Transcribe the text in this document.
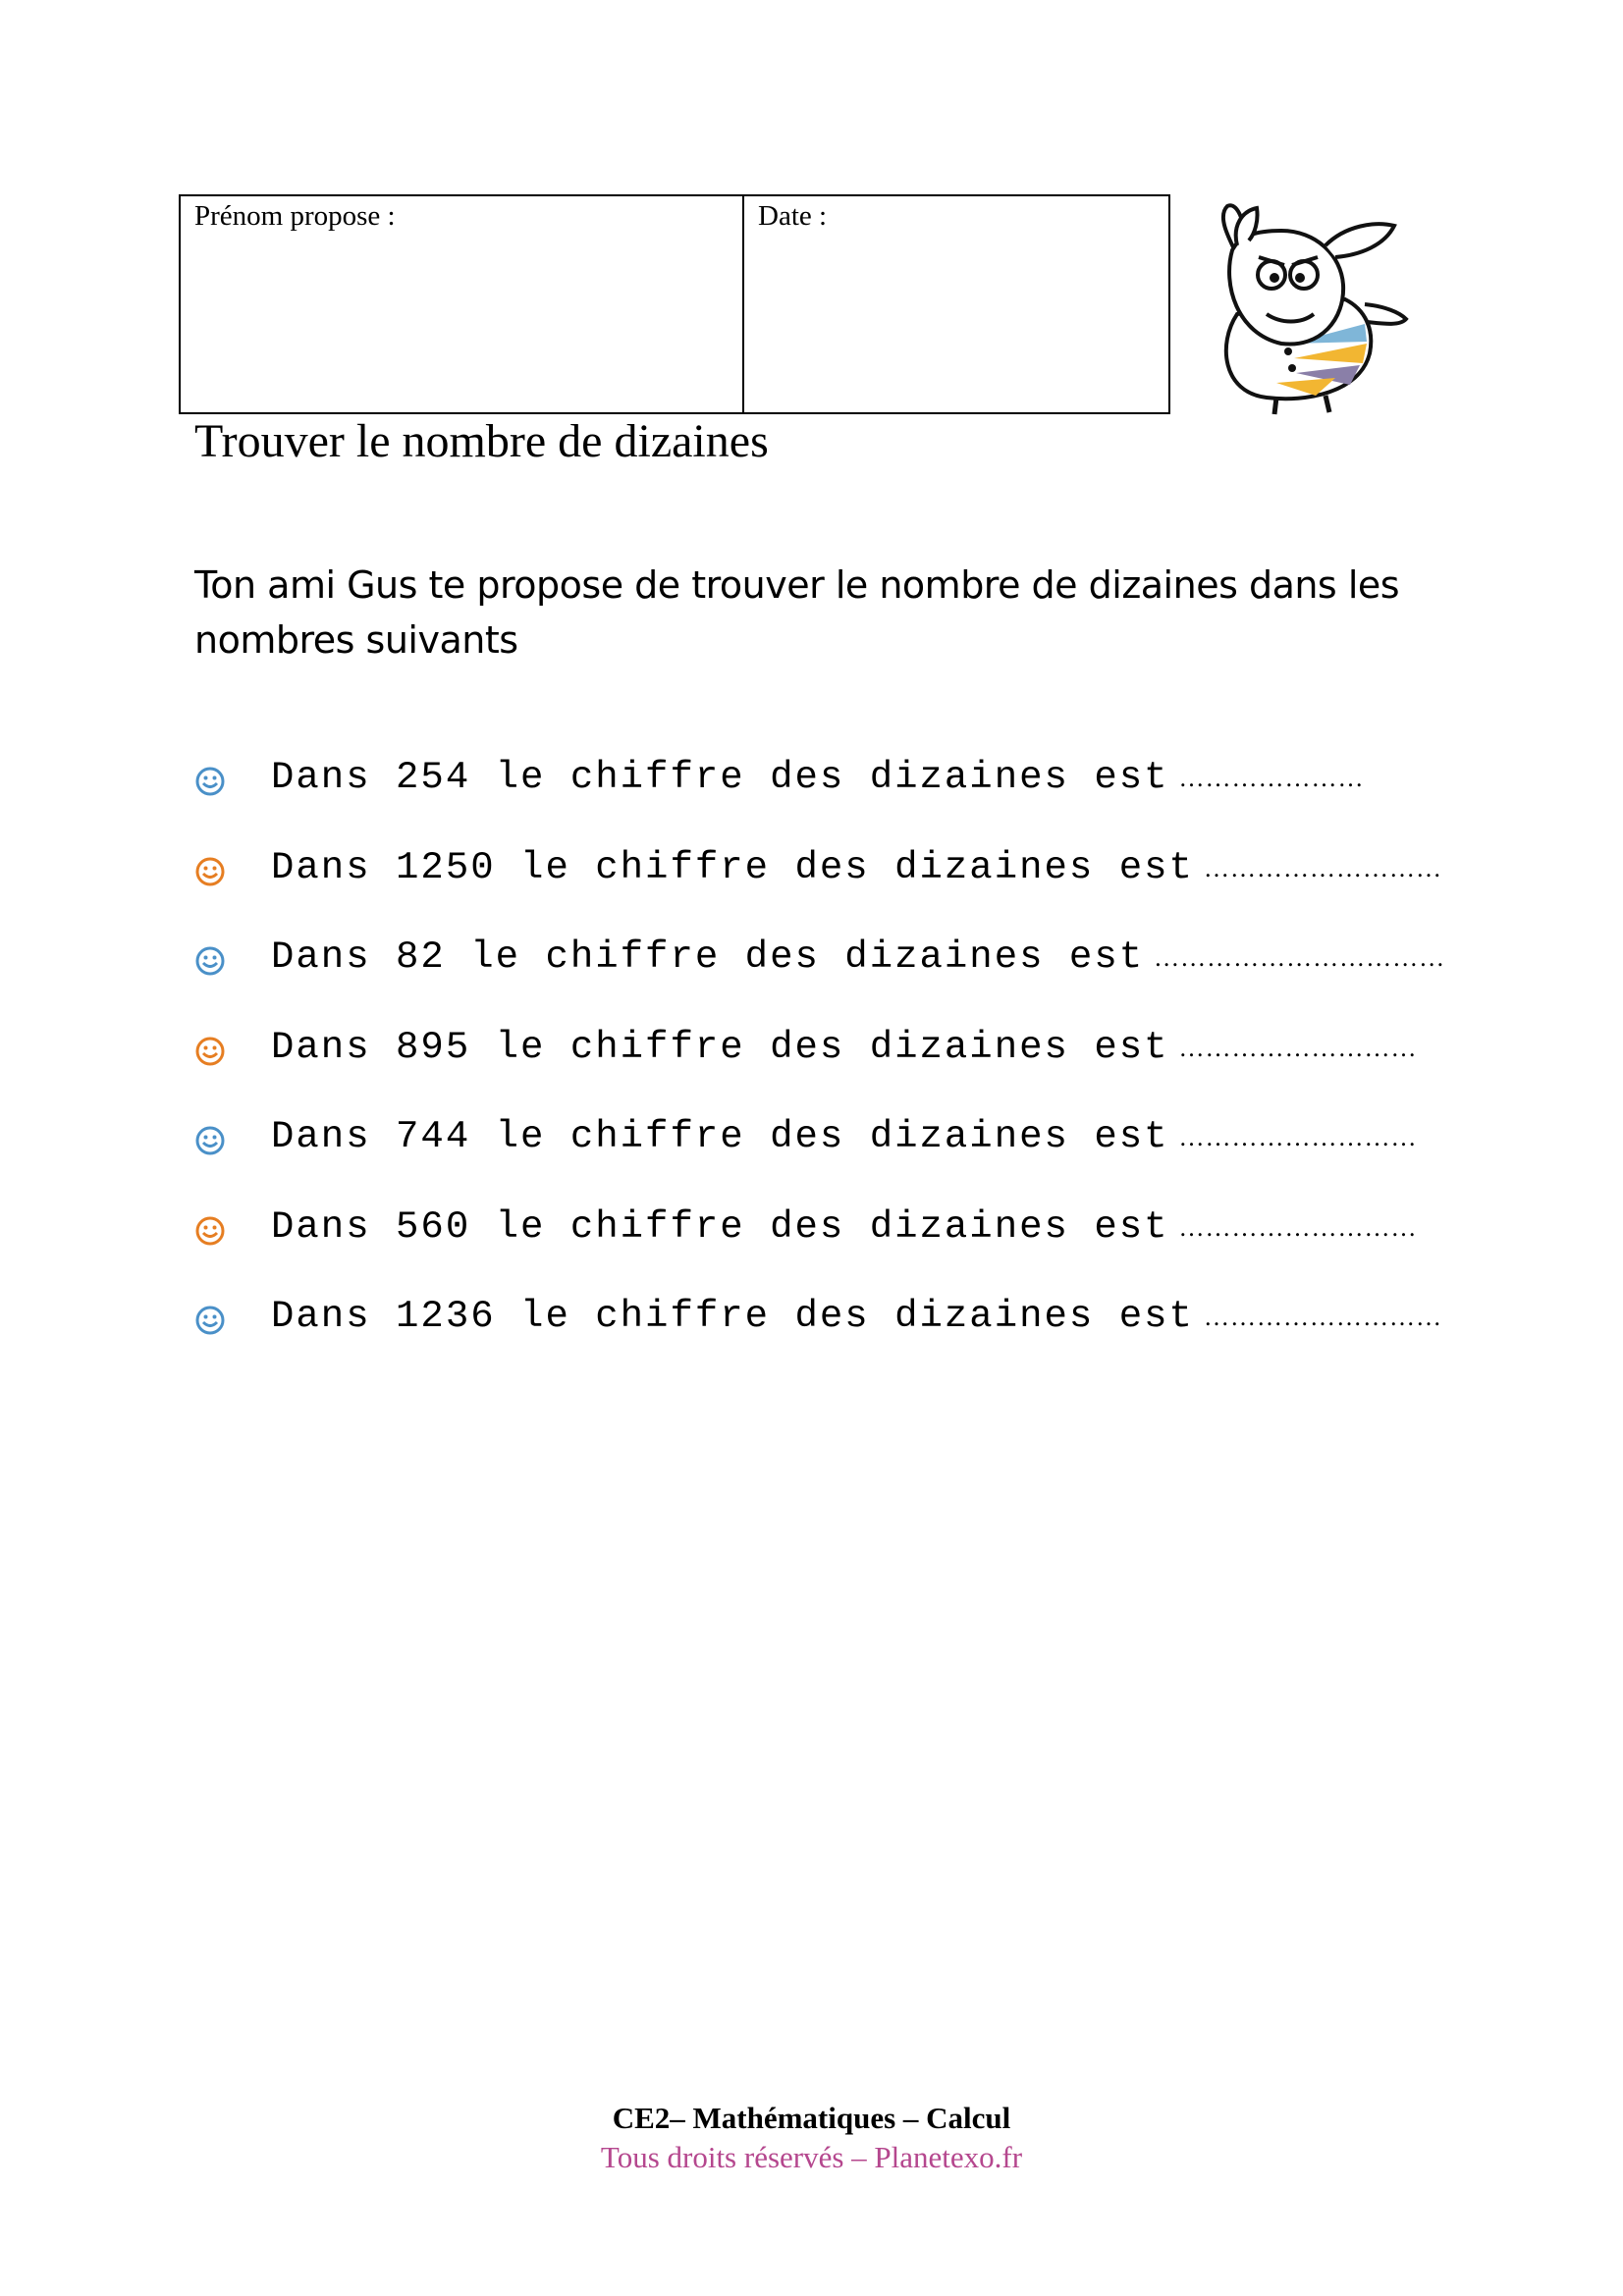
Prénom propose :	Date :
Trouver le nombre de dizaines
Ton ami Gus te propose de trouver le nombre de dizaines dans les nombres suivants
Dans 254 le chiffre des dizaines est …………………
Dans 1250 le chiffre des dizaines est ………………………
Dans 82 le chiffre des dizaines est ……………………………
Dans 895 le chiffre des dizaines est ………………………
Dans 744 le chiffre des dizaines est ………………………
Dans 560 le chiffre des dizaines est ………………………
Dans 1236 le chiffre des dizaines est ………………………
CE2– Mathématiques – Calcul
Tous droits réservés – Planetexo.fr
